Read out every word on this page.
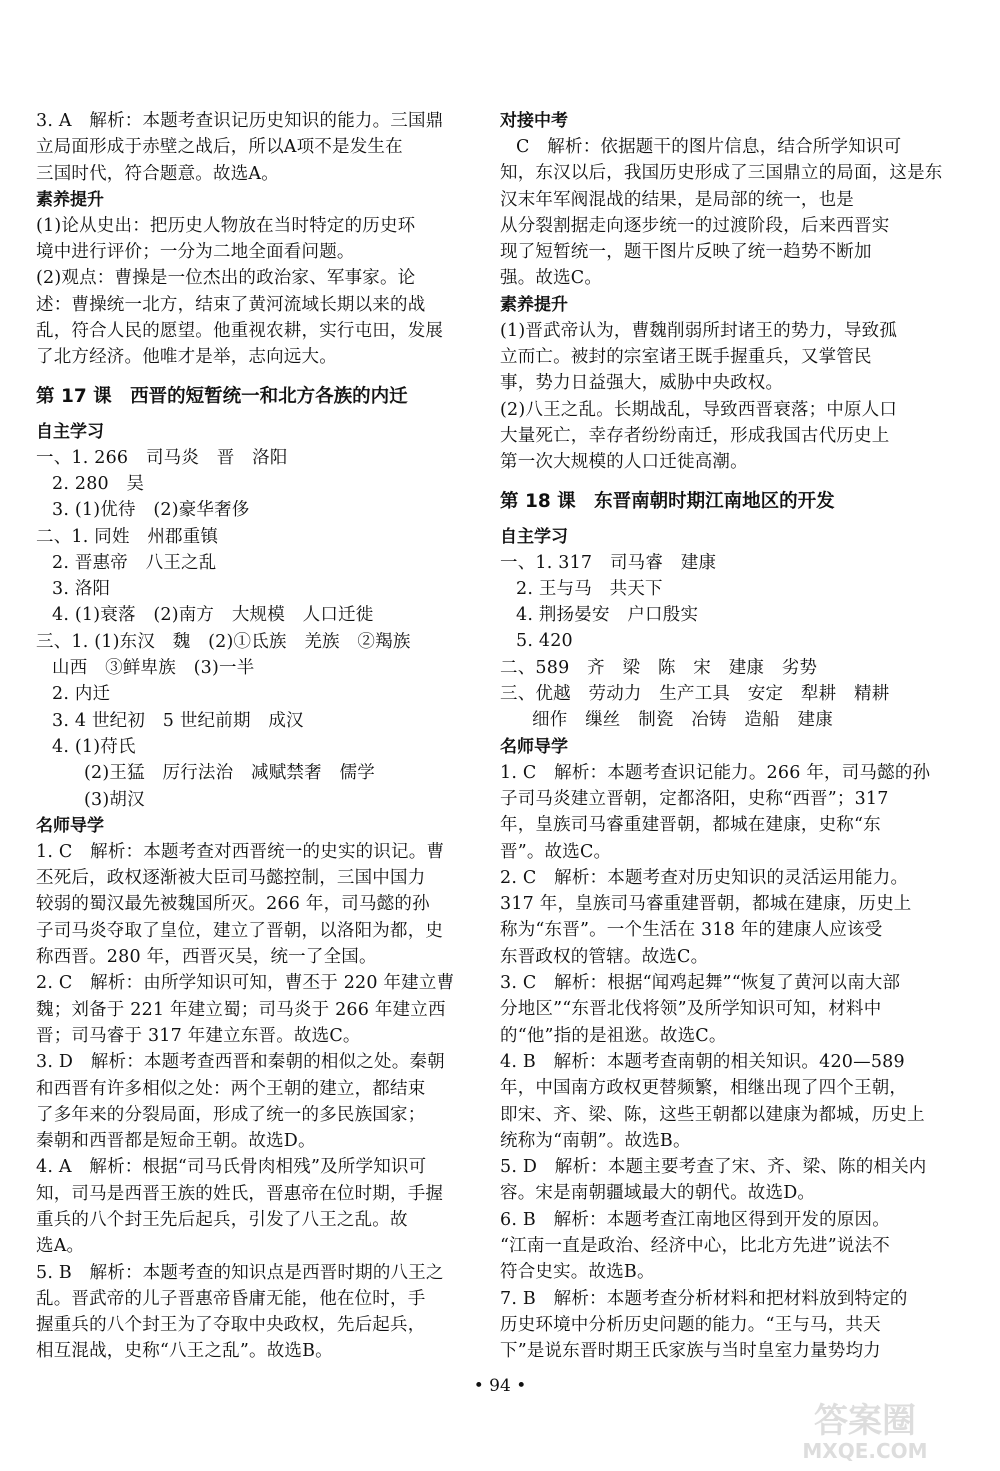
3. A　解析：本题考查识记历史知识的能力。三国鼎
立局面形成于赤壁之战后，所以A项不是发生在
三国时代，符合题意。故选A。
素养提升
(1)论从史出：把历史人物放在当时特定的历史环
境中进行评价；一分为二地全面看问题。
(2)观点：曹操是一位杰出的政治家、军事家。论
述：曹操统一北方，结束了黄河流域长期以来的战
乱，符合人民的愿望。他重视农耕，实行屯田，发展
了北方经济。他唯才是举，志向远大。
第 17 课　西晋的短暂统一和北方各族的内迁
自主学习
一、1. 266　司马炎　晋　洛阳
2. 280　吴
3. (1)优待　(2)豪华奢侈
二、1. 同姓　州郡重镇
2. 晋惠帝　八王之乱
3. 洛阳
4. (1)衰落　(2)南方　大规模　人口迁徙
三、1. (1)东汉　魏　(2)①氐族　羌族　②羯族
山西　③鲜卑族　(3)一半
2. 内迁
3. 4 世纪初　5 世纪前期　成汉
4. (1)苻氏
(2)王猛　厉行法治　减赋禁奢　儒学
(3)胡汉
名师导学
1. C　解析：本题考查对西晋统一的史实的识记。曹
丕死后，政权逐渐被大臣司马懿控制，三国中国力
较弱的蜀汉最先被魏国所灭。266 年，司马懿的孙
子司马炎夺取了皇位，建立了晋朝，以洛阳为都，史
称西晋。280 年，西晋灭吴，统一了全国。
2. C　解析：由所学知识可知，曹丕于 220 年建立曹
魏；刘备于 221 年建立蜀；司马炎于 266 年建立西
晋；司马睿于 317 年建立东晋。故选C。
3. D　解析：本题考查西晋和秦朝的相似之处。秦朝
和西晋有许多相似之处：两个王朝的建立，都结束
了多年来的分裂局面，形成了统一的多民族国家；
秦朝和西晋都是短命王朝。故选D。
4. A　解析：根据“司马氏骨肉相残”及所学知识可
知，司马是西晋王族的姓氏，晋惠帝在位时期，手握
重兵的八个封王先后起兵，引发了八王之乱。故
选A。
5. B　解析：本题考查的知识点是西晋时期的八王之
乱。晋武帝的儿子晋惠帝昏庸无能，他在位时，手
握重兵的八个封王为了夺取中央政权，先后起兵，
相互混战，史称“八王之乱”。故选B。
对接中考
C　解析：依据题干的图片信息，结合所学知识可
知，东汉以后，我国历史形成了三国鼎立的局面，这是东
汉末年军阀混战的结果，是局部的统一，也是
从分裂割据走向逐步统一的过渡阶段，后来西晋实
现了短暂统一，题干图片反映了统一趋势不断加
强。故选C。
素养提升
(1)晋武帝认为，曹魏削弱所封诸王的势力，导致孤
立而亡。被封的宗室诸王既手握重兵，又掌管民
事，势力日益强大，威胁中央政权。
(2)八王之乱。长期战乱，导致西晋衰落；中原人口
大量死亡，幸存者纷纷南迁，形成我国古代历史上
第一次大规模的人口迁徙高潮。
第 18 课　东晋南朝时期江南地区的开发
自主学习
一、1. 317　司马睿　建康
2. 王与马　共天下
4. 荆扬晏安　户口殷实
5. 420
二、589　齐　梁　陈　宋　建康　劣势
三、优越　劳动力　生产工具　安定　犁耕　精耕
细作　缫丝　制瓷　冶铸　造船　建康
名师导学
1. C　解析：本题考查识记能力。266 年，司马懿的孙
子司马炎建立晋朝，定都洛阳，史称“西晋”；317
年，皇族司马睿重建晋朝，都城在建康，史称“东
晋”。故选C。
2. C　解析：本题考查对历史知识的灵活运用能力。
317 年，皇族司马睿重建晋朝，都城在建康，历史上
称为“东晋”。一个生活在 318 年的建康人应该受
东晋政权的管辖。故选C。
3. C　解析：根据“闻鸡起舞”“恢复了黄河以南大部
分地区”“东晋北伐将领”及所学知识可知，材料中
的“他”指的是祖逖。故选C。
4. B　解析：本题考查南朝的相关知识。420—589
年，中国南方政权更替频繁，相继出现了四个王朝，
即宋、齐、梁、陈，这些王朝都以建康为都城，历史上
统称为“南朝”。故选B。
5. D　解析：本题主要考查了宋、齐、梁、陈的相关内
容。宋是南朝疆域最大的朝代。故选D。
6. B　解析：本题考查江南地区得到开发的原因。
“江南一直是政治、经济中心，比北方先进”说法不
符合史实。故选B。
7. B　解析：本题考查分析材料和把材料放到特定的
历史环境中分析历史问题的能力。“王与马，共天
下”是说东晋时期王氏家族与当时皇室力量势均力
• 94 •
答案圈
MXQE.COM
